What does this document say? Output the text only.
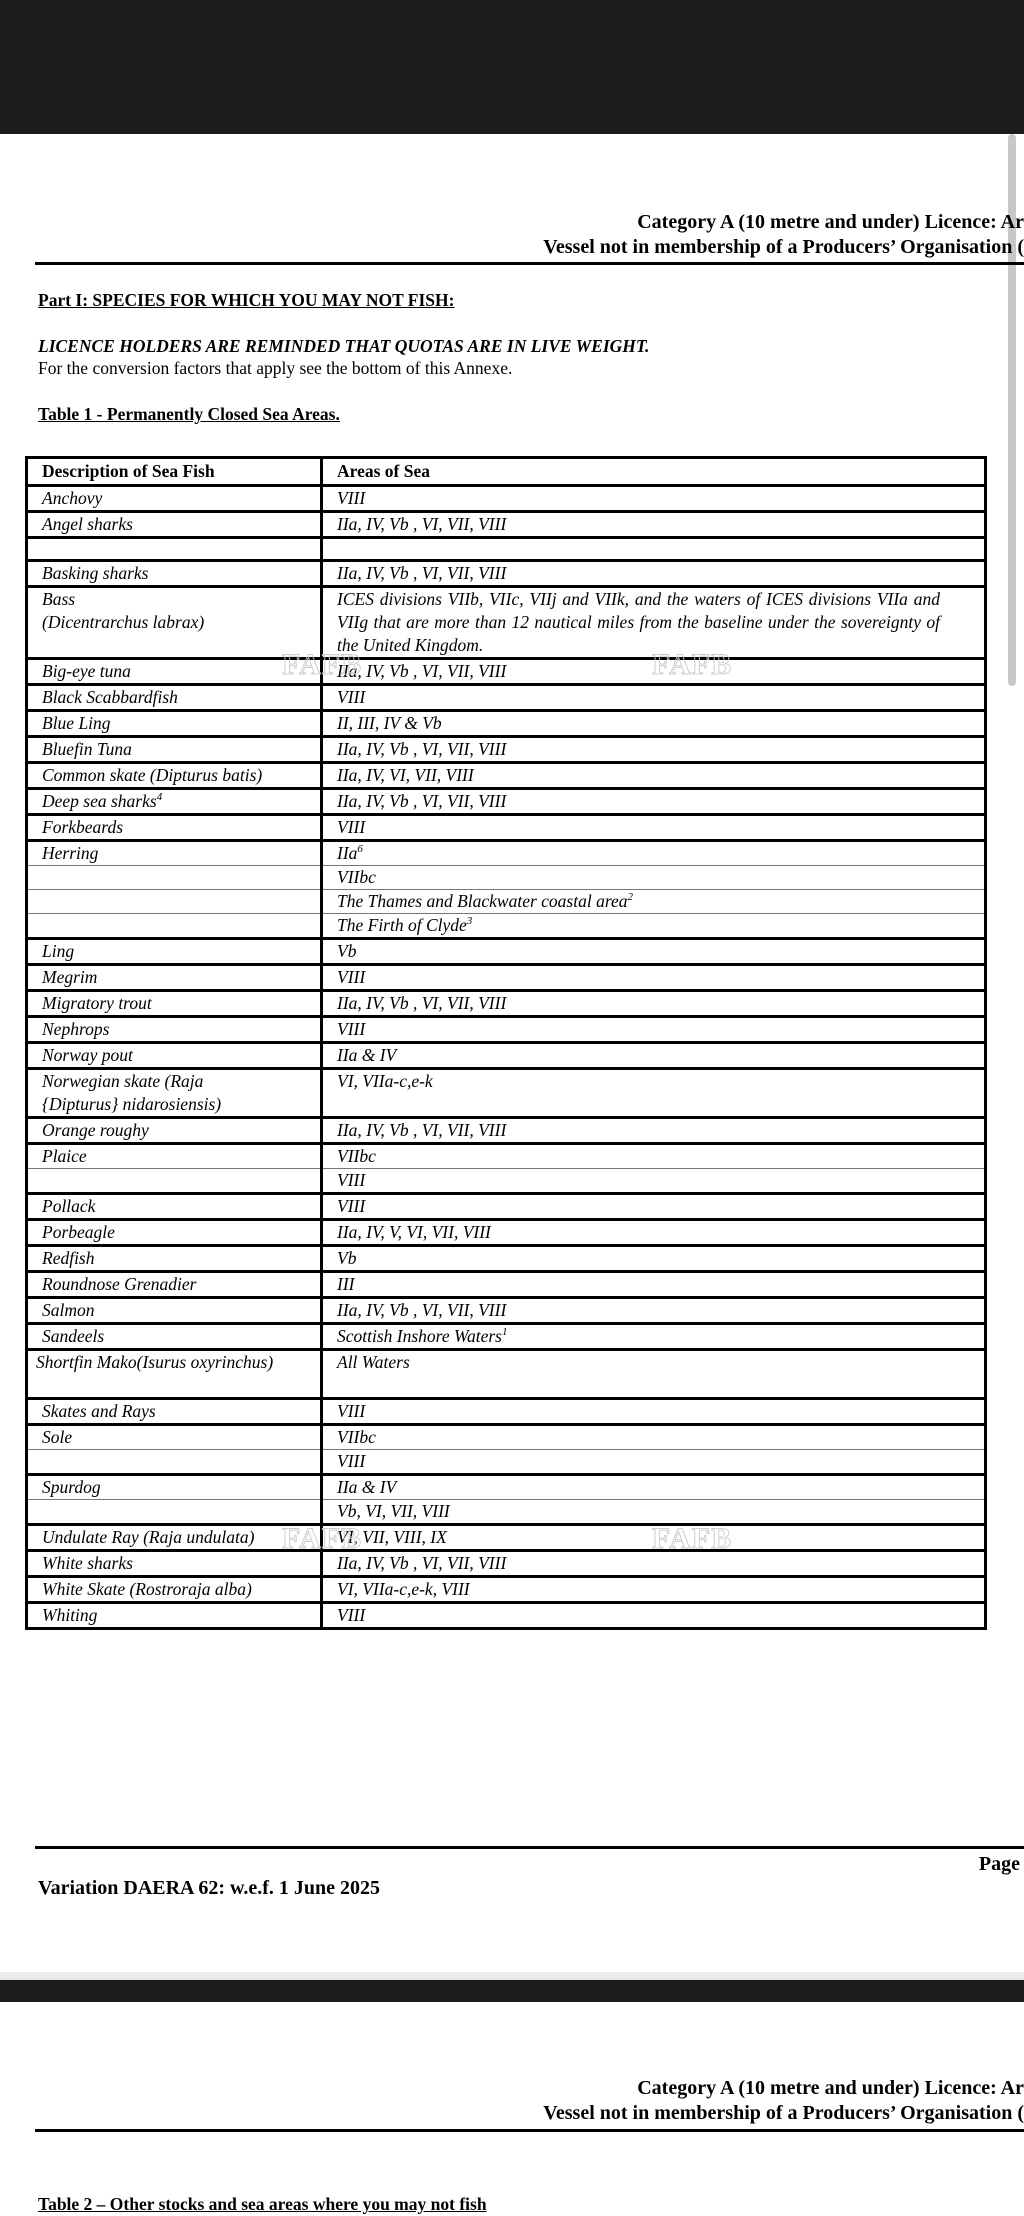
Category A (10 metre and under) Licence: Ar
Vessel not in membership of a Producers’ Organisation (
Part I: SPECIES FOR WHICH YOU MAY NOT FISH:
LICENCE HOLDERS ARE REMINDED THAT QUOTAS ARE IN LIVE WEIGHT.
For the conversion factors that apply see the bottom of this Annexe.
Table 1 - Permanently Closed Sea Areas.
Description of Sea Fish	Areas of Sea
Anchovy	VIII
Angel sharks	IIa, IV, Vb , VI, VII, VIII

Basking sharks	IIa, IV, Vb , VI, VII, VIII
Bass
(Dicentrarchus labrax)	ICES divisions VIIb, VIIc, VIIj and VIIk, and the waters of ICES divisions VIIa and VIIg that are more than 12 nautical miles from the baseline under the sovereignty of the United Kingdom.
Big-eye tuna	IIa, IV, Vb , VI, VII, VIII
Black Scabbardfish	VIII
Blue Ling	II, III, IV & Vb
Bluefin Tuna	IIa, IV, Vb , VI, VII, VIII
Common skate (Dipturus batis)	IIa, IV, VI, VII, VIII
Deep sea sharks$^4$	IIa, IV, Vb , VI, VII, VIII
Forkbeards	VIII
Herring	IIa$^6$
	VIIbc
	The Thames and Blackwater coastal area$^2$
	The Firth of Clyde$^3$
Ling	Vb
Megrim	VIII
Migratory trout	IIa, IV, Vb , VI, VII, VIII
Nephrops	VIII
Norway pout	IIa & IV
Norwegian skate (Raja
{Dipturus} nidarosiensis)	VI, VIIa-c,e-k
Orange roughy	IIa, IV, Vb , VI, VII, VIII
Plaice	VIIbc
	VIII
Pollack	VIII
Porbeagle	IIa, IV, V, VI, VII, VIII
Redfish	Vb
Roundnose Grenadier	III
Salmon	IIa, IV, Vb , VI, VII, VIII
Sandeels	Scottish Inshore Waters$^1$
Shortfin Mako(Isurus oxyrinchus)	All Waters
Skates and Rays	VIII
Sole	VIIbc
	VIII
Spurdog	IIa & IV
	Vb, VI, VII, VIII
Undulate Ray (Raja undulata)	VI, VII, VIII, IX
White sharks	IIa, IV, Vb , VI, VII, VIII
White Skate (Rostroraja alba)	VI, VIIa-c,e-k, VIII
Whiting	VIII
FAFB	FAFB
FAFB	FAFB
Page
Variation DAERA 62: w.e.f. 1 June 2025
Category A (10 metre and under) Licence: Ar
Vessel not in membership of a Producers’ Organisation (
Table 2 – Other stocks and sea areas where you may not fish
